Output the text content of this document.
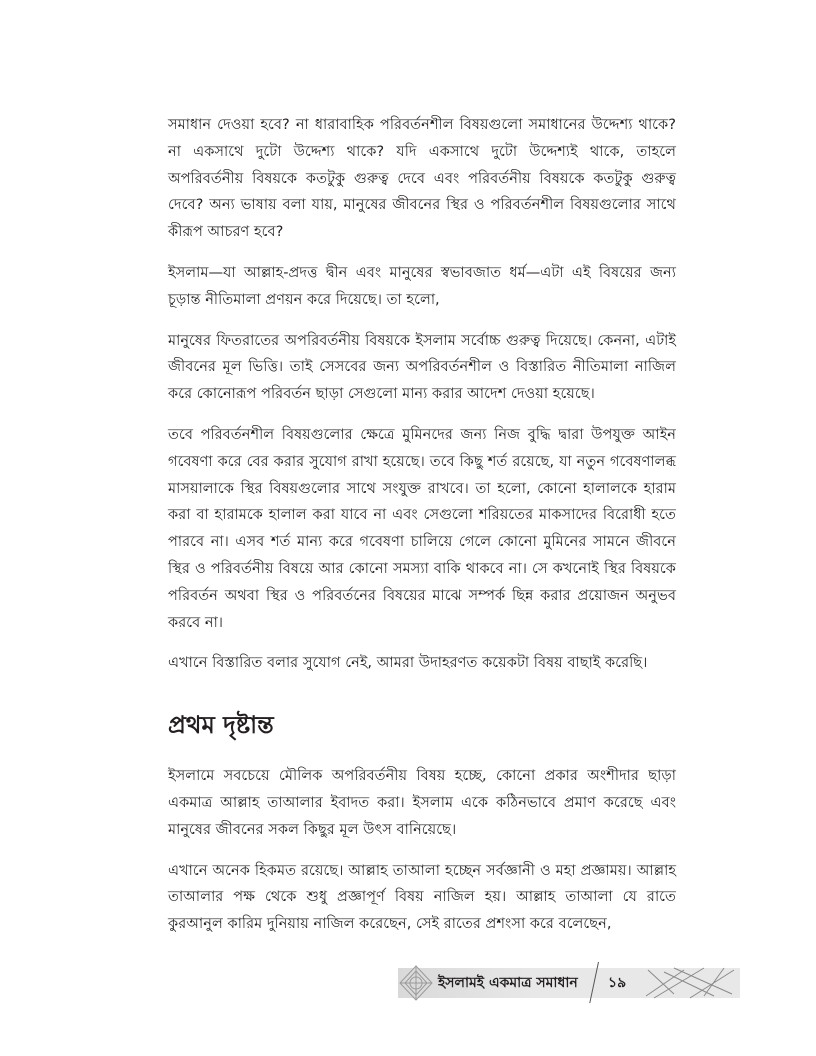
সমাধান দেওয়া হবে? না ধারাবাহিক পরিবর্তনশীল বিষয়গুলো সমাধানের উদ্দেশ্য থাকে? না একসাথে দুটো উদ্দেশ্য থাকে? যদি একসাথে দুটো উদ্দেশ্যই থাকে, তাহলে অপরিবর্তনীয় বিষয়কে কতটুকু গুরুত্ব দেবে এবং পরিবর্তনীয় বিষয়কে কতটুকু গুরুত্ব দেবে? অন্য ভাষায় বলা যায়, মানুষের জীবনের স্থির ও পরিবর্তনশীল বিষয়গুলোর সাথে কীরূপ আচরণ হবে?

ইসলাম—যা আল্লাহ-প্রদত্ত দ্বীন এবং মানুষের স্বভাবজাত ধর্ম—এটা এই বিষয়ের জন্য চূড়ান্ত নীতিমালা প্রণয়ন করে দিয়েছে। তা হলো,

মানুষের ফিতরাতের অপরিবর্তনীয় বিষয়কে ইসলাম সর্বোচ্চ গুরুত্ব দিয়েছে। কেননা, এটাই জীবনের মূল ভিত্তি। তাই সেসবের জন্য অপরিবর্তনশীল ও বিস্তারিত নীতিমালা নাজিল করে কোনোরূপ পরিবর্তন ছাড়া সেগুলো মান্য করার আদেশ দেওয়া হয়েছে।

তবে পরিবর্তনশীল বিষয়গুলোর ক্ষেত্রে মুমিনদের জন্য নিজ বুদ্ধি দ্বারা উপযুক্ত আইন গবেষণা করে বের করার সুযোগ রাখা হয়েছে। তবে কিছু শর্ত রয়েছে, যা নতুন গবেষণালব্ধ মাসয়ালাকে স্থির বিষয়গুলোর সাথে সংযুক্ত রাখবে। তা হলো, কোনো হালালকে হারাম করা বা হারামকে হালাল করা যাবে না এবং সেগুলো শরিয়তের মাকসাদের বিরোধী হতে পারবে না। এসব শর্ত মান্য করে গবেষণা চালিয়ে গেলে কোনো মুমিনের সামনে জীবনে স্থির ও পরিবর্তনীয় বিষয়ে আর কোনো সমস্যা বাকি থাকবে না। সে কখনোই স্থির বিষয়কে পরিবর্তন অথবা স্থির ও পরিবর্তনের বিষয়ের মাঝে সম্পর্ক ছিন্ন করার প্রয়োজন অনুভব করবে না।

এখানে বিস্তারিত বলার সুযোগ নেই, আমরা উদাহরণত কয়েকটা বিষয় বাছাই করেছি।

প্রথম দৃষ্টান্ত

ইসলামে সবচেয়ে মৌলিক অপরিবর্তনীয় বিষয় হচ্ছে, কোনো প্রকার অংশীদার ছাড়া একমাত্র আল্লাহ তাআলার ইবাদত করা। ইসলাম একে কঠিনভাবে প্রমাণ করেছে এবং মানুষের জীবনের সকল কিছুর মূল উৎস বানিয়েছে।

এখানে অনেক হিকমত রয়েছে। আল্লাহ তাআলা হচ্ছেন সর্বজ্ঞানী ও মহা প্রজ্ঞাময়। আল্লাহ তাআলার পক্ষ থেকে শুধু প্রজ্ঞাপূর্ণ বিষয় নাজিল হয়। আল্লাহ তাআলা যে রাতে কুরআনুল কারিম দুনিয়ায় নাজিল করেছেন, সেই রাতের প্রশংসা করে বলেছেন,

ইসলামই একমাত্র সমাধান ১৯
